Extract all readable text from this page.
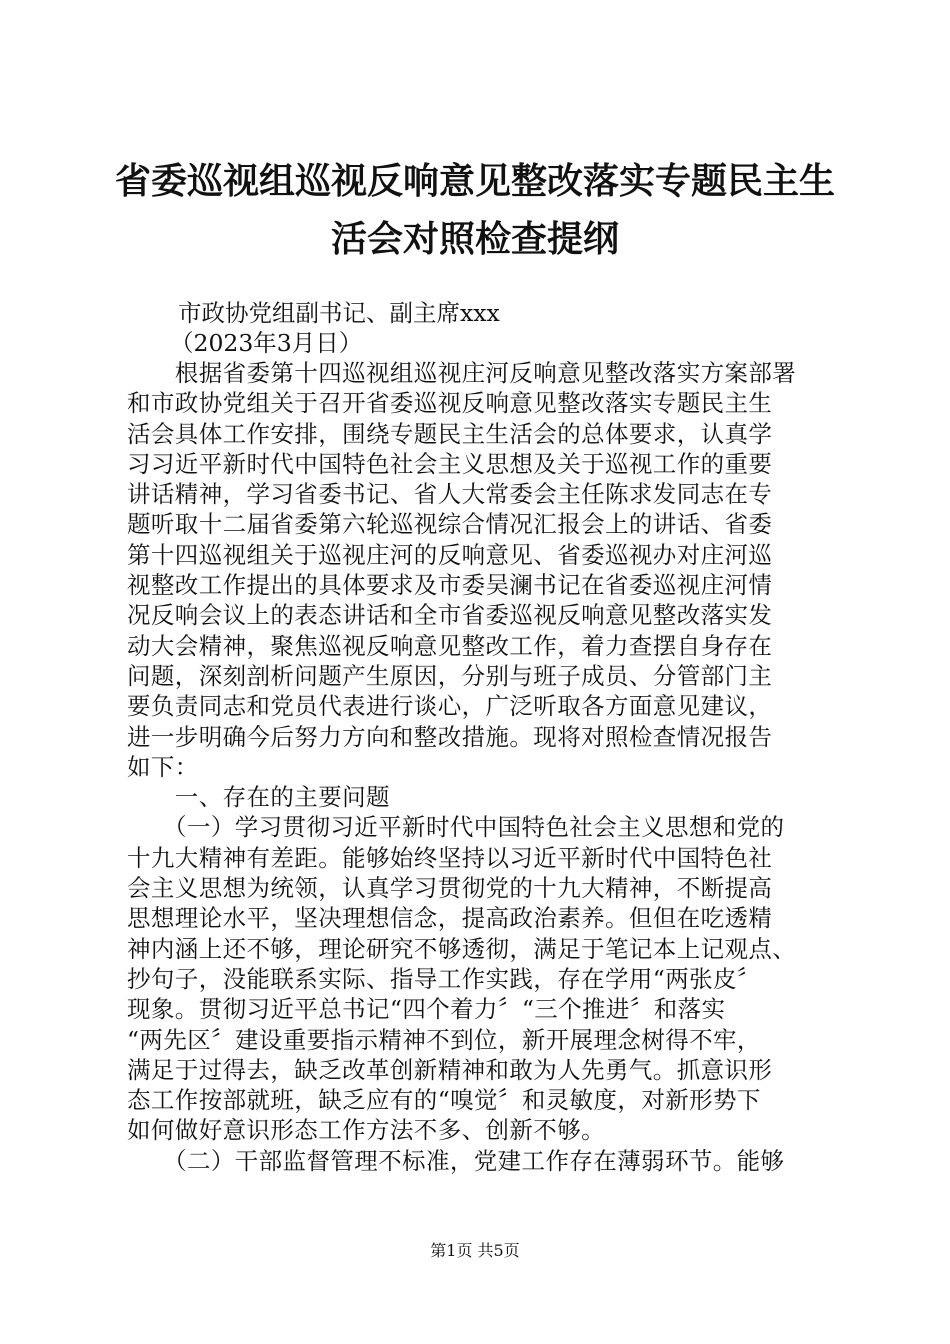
省委巡视组巡视反响意见整改落实专题民主生
活会对照检查提纲
市政协党组副书记、副主席xxx
（2023年3月日）
　　根据省委第十四巡视组巡视庄河反响意见整改落实方案部署
和市政协党组关于召开省委巡视反响意见整改落实专题民主生
活会具体工作安排，围绕专题民主生活会的总体要求，认真学
习习近平新时代中国特色社会主义思想及关于巡视工作的重要
讲话精神，学习省委书记、省人大常委会主任陈求发同志在专
题听取十二届省委第六轮巡视综合情况汇报会上的讲话、省委
第十四巡视组关于巡视庄河的反响意见、省委巡视办对庄河巡
视整改工作提出的具体要求及市委吴澜书记在省委巡视庄河情
况反响会议上的表态讲话和全市省委巡视反响意见整改落实发
动大会精神，聚焦巡视反响意见整改工作，着力查摆自身存在
问题，深刻剖析问题产生原因，分别与班子成员、分管部门主
要负责同志和党员代表进行谈心，广泛听取各方面意见建议，
进一步明确今后努力方向和整改措施。现将对照检查情况报告
如下：
　　一、存在的主要问题
　　（一）学习贯彻习近平新时代中国特色社会主义思想和党的
十九大精神有差距。能够始终坚持以习近平新时代中国特色社
会主义思想为统领，认真学习贯彻党的十九大精神，不断提高
思想理论水平，坚决理想信念，提高政治素养。但但在吃透精
神内涵上还不够，理论研究不够透彻，满足于笔记本上记观点、
抄句子，没能联系实际、指导工作实践，存在学用“两张皮〞
现象。贯彻习近平总书记“四个着力〞“三个推进〞和落实
“两先区〞建设重要指示精神不到位，新开展理念树得不牢，
满足于过得去，缺乏改革创新精神和敢为人先勇气。抓意识形
态工作按部就班，缺乏应有的“嗅觉〞和灵敏度，对新形势下
如何做好意识形态工作方法不多、创新不够。
　　（二）干部监督管理不标准，党建工作存在薄弱环节。能够
第1页 共5页
